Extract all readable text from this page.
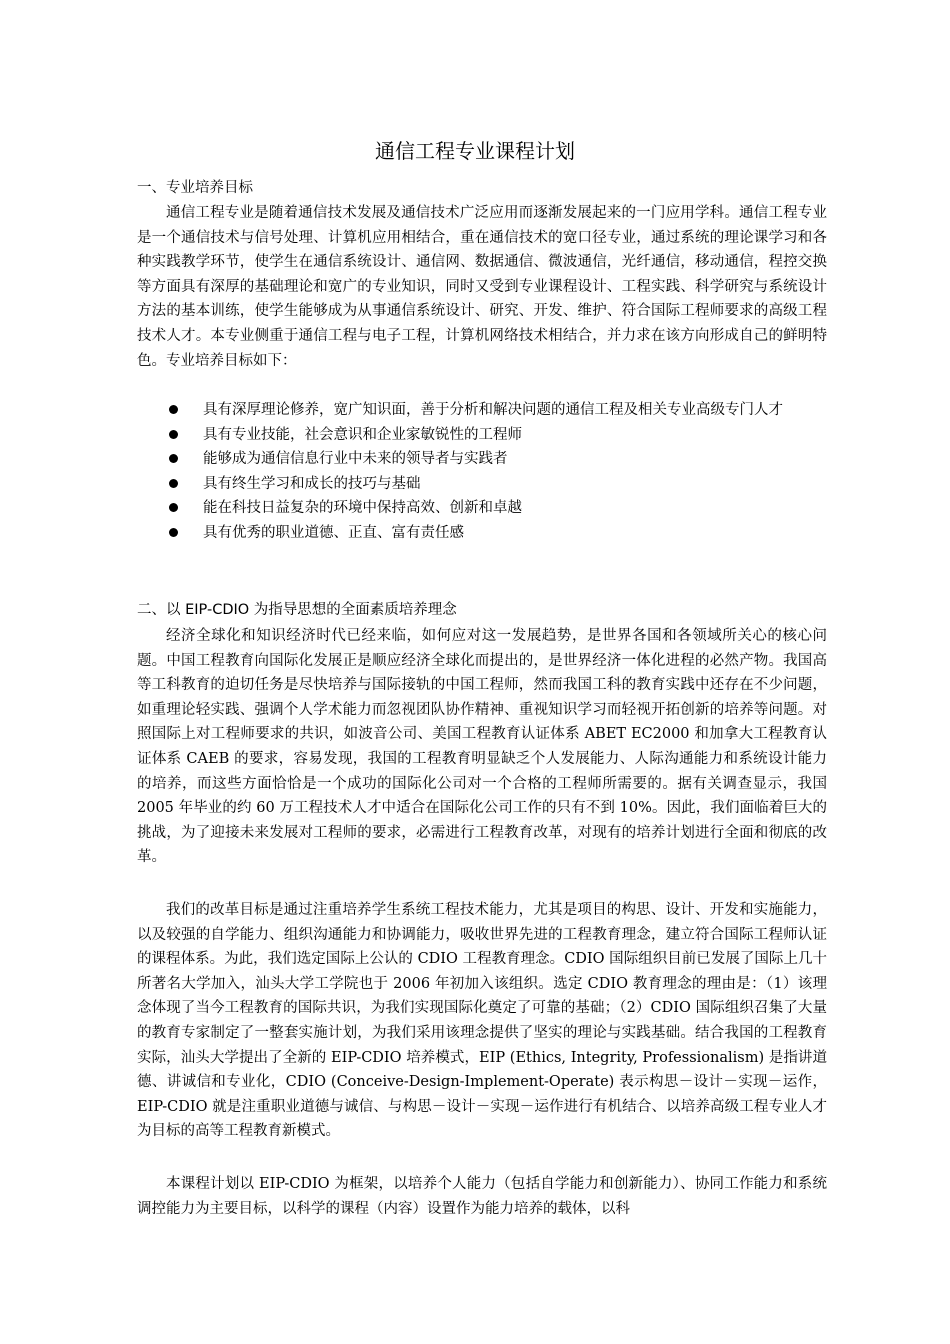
通信工程专业课程计划
一、专业培养目标
通信工程专业是随着通信技术发展及通信技术广泛应用而逐渐发展起来的一门应用学科。通信工程专业是一个通信技术与信号处理、计算机应用相结合，重在通信技术的宽口径专业，通过系统的理论课学习和各种实践教学环节，使学生在通信系统设计、通信网、数据通信、微波通信，光纤通信，移动通信，程控交换等方面具有深厚的基础理论和宽广的专业知识，同时又受到专业课程设计、工程实践、科学研究与系统设计方法的基本训练，使学生能够成为从事通信系统设计、研究、开发、维护、符合国际工程师要求的高级工程技术人才。本专业侧重于通信工程与电子工程，计算机网络技术相结合，并力求在该方向形成自己的鲜明特色。专业培养目标如下：
具有深厚理论修养，宽广知识面，善于分析和解决问题的通信工程及相关专业高级专门人才
具有专业技能，社会意识和企业家敏锐性的工程师
能够成为通信信息行业中未来的领导者与实践者
具有终生学习和成长的技巧与基础
能在科技日益复杂的环境中保持高效、创新和卓越
具有优秀的职业道德、正直、富有责任感
二、以 EIP-CDIO 为指导思想的全面素质培养理念
经济全球化和知识经济时代已经来临，如何应对这一发展趋势，是世界各国和各领域所关心的核心问题。中国工程教育向国际化发展正是顺应经济全球化而提出的，是世界经济一体化进程的必然产物。我国高等工科教育的迫切任务是尽快培养与国际接轨的中国工程师，然而我国工科的教育实践中还存在不少问题，如重理论轻实践、强调个人学术能力而忽视团队协作精神、重视知识学习而轻视开拓创新的培养等问题。对照国际上对工程师要求的共识，如波音公司、美国工程教育认证体系 ABET EC2000 和加拿大工程教育认证体系 CAEB 的要求，容易发现，我国的工程教育明显缺乏个人发展能力、人际沟通能力和系统设计能力的培养，而这些方面恰恰是一个成功的国际化公司对一个合格的工程师所需要的。据有关调查显示，我国 2005 年毕业的约 60 万工程技术人才中适合在国际化公司工作的只有不到 10%。因此，我们面临着巨大的挑战，为了迎接未来发展对工程师的要求，必需进行工程教育改革，对现有的培养计划进行全面和彻底的改革。
我们的改革目标是通过注重培养学生系统工程技术能力，尤其是项目的构思、设计、开发和实施能力，以及较强的自学能力、组织沟通能力和协调能力，吸收世界先进的工程教育理念，建立符合国际工程师认证的课程体系。为此，我们选定国际上公认的 CDIO 工程教育理念。CDIO 国际组织目前已发展了国际上几十所著名大学加入，汕头大学工学院也于 2006 年初加入该组织。选定 CDIO 教育理念的理由是：（1）该理念体现了当今工程教育的国际共识，为我们实现国际化奠定了可靠的基础；（2）CDIO 国际组织召集了大量的教育专家制定了一整套实施计划，为我们采用该理念提供了坚实的理论与实践基础。结合我国的工程教育实际，汕头大学提出了全新的 EIP-CDIO 培养模式，EIP (Ethics, Integrity, Professionalism) 是指讲道德、讲诚信和专业化，CDIO (Conceive-Design-Implement-Operate) 表示构思－设计－实现－运作，EIP-CDIO 就是注重职业道德与诚信、与构思－设计－实现－运作进行有机结合、以培养高级工程专业人才为目标的高等工程教育新模式。
本课程计划以 EIP-CDIO 为框架，以培养个人能力（包括自学能力和创新能力）、协同工作能力和系统调控能力为主要目标，以科学的课程（内容）设置作为能力培养的载体，以科
